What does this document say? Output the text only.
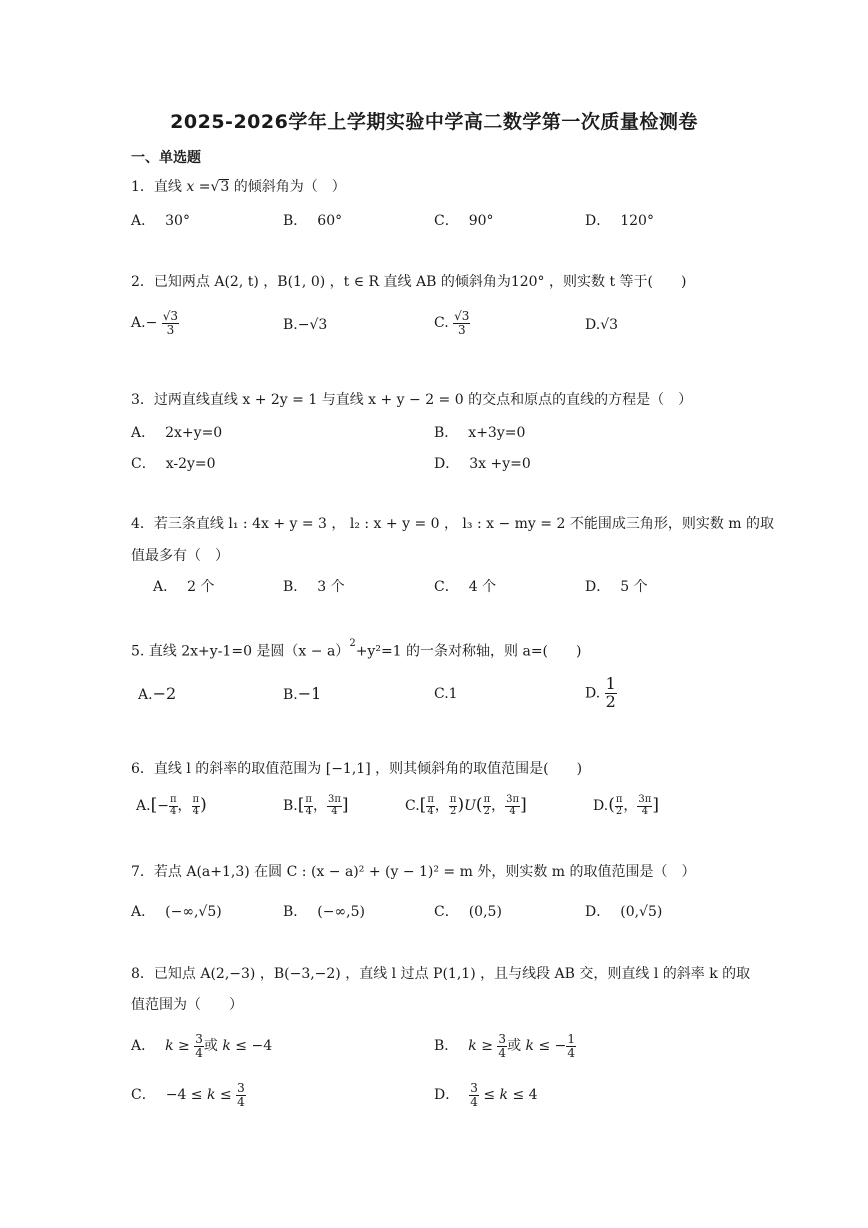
2025-2026学年上学期实验中学高二数学第一次质量检测卷
一、单选题
1．直线 x =√3 的倾斜角为（　）
A． 30°	B． 60°	C． 90°	D． 120°
2．已知两点 A(2, t) ，B(1, 0) ，t ∈ R 直线 AB 的倾斜角为120° ，则实数 t 等于(　　)
$A.- \frac{√3}{3}$	B.−√3	C. $\frac{√3}{3}$	D.√3
3．过两直线直线 x + 2y = 1 与直线 x + y − 2 = 0 的交点和原点的直线的方程是（　）
A． 2x+y=0	B． x+3y=0
C． x-2y=0	D． 3x +y=0
4．若三条直线 l₁ : 4x + y = 3 ， l₂ : x + y = 0 ， l₃ : x − my = 2 不能围成三角形，则实数 m 的取
值最多有（　）
A． 2 个	B． 3 个	C． 4 个	D． 5 个
5. 直线 2x+y-1=0 是圆$(x - a)^2+y^2=1$ 的一条对称轴，则 a=(　　)
A.−2	B.−1	C.1	D. $\frac{1}{2}$
6．直线 l 的斜率的取值范围为 [−1,1] ，则其倾斜角的取值范围是(　　)
$A.[- \frac{\pi}{4}$ ， $\frac{\pi}{4}$ )	$B.[ \frac{\pi}{4}$ ， $\frac{3\pi}{4}$ ]	$C.[ \frac{\pi}{4}$ ， $\frac{\pi}{2} )U( \frac{\pi}{2}$ ， $\frac{3\pi}{4}$ ]	$D.( \frac{\pi}{2}$ ， $\frac{3\pi}{4}$ ]
7．若点 A(a+1,3) 在圆 C : (x − a)² + (y − 1)² = m 外，则实数 m 的取值范围是（　）
A． (−∞,√5)	B． (−∞,5)	C． (0,5)	D． (0,√5)
8．已知点 A(2,−3) ，B(−3,−2) ，直线 l 过点 P(1,1) ，且与线段 AB 交，则直线 l 的斜率 k 的取
值范围为（　　）
A． $k \ge \frac{3}{4}$ 或 k ≤ −4	B． $k \ge \frac{3}{4}$ 或 k ≤ − $\frac{1}{4}$
C． $-4 \le k \le \frac{3}{4}$	D． $\frac{3}{4} \le k \le 4$
